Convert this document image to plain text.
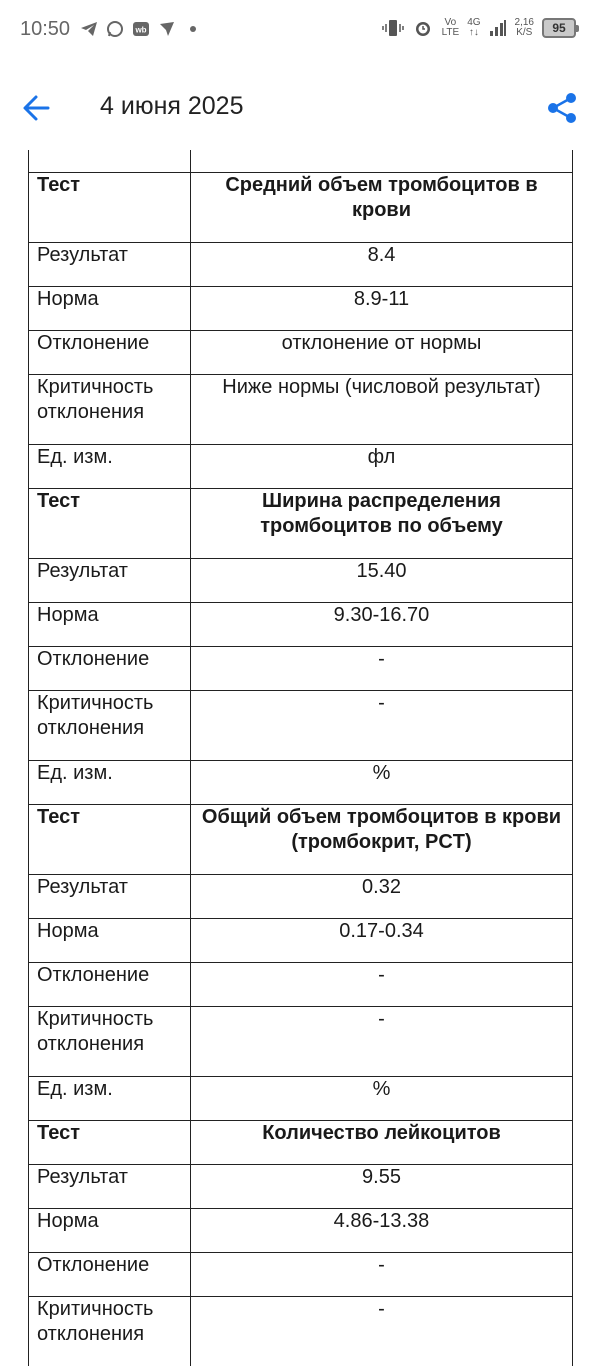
10:50	wb
Vo
LTE
4G
↑↓
2,16
K/S	95
4 июня 2025

Тест	Средний объем тромбоцитов в крови
Результат	8.4
Норма	8.9-11
Отклонение	отклонение от нормы
Критичность отклонения	Ниже нормы (числовой результат)
Ед. изм.	фл
Тест	Ширина распределения тромбоцитов по объему
Результат	15.40
Норма	9.30-16.70
Отклонение	-
Критичность отклонения	-
Ед. изм.	%
Тест	Общий объем тромбоцитов в крови (тромбокрит, PCT)
Результат	0.32
Норма	0.17-0.34
Отклонение	-
Критичность отклонения	-
Ед. изм.	%
Тест	Количество лейкоцитов
Результат	9.55
Норма	4.86-13.38
Отклонение	-
Критичность отклонения	-
